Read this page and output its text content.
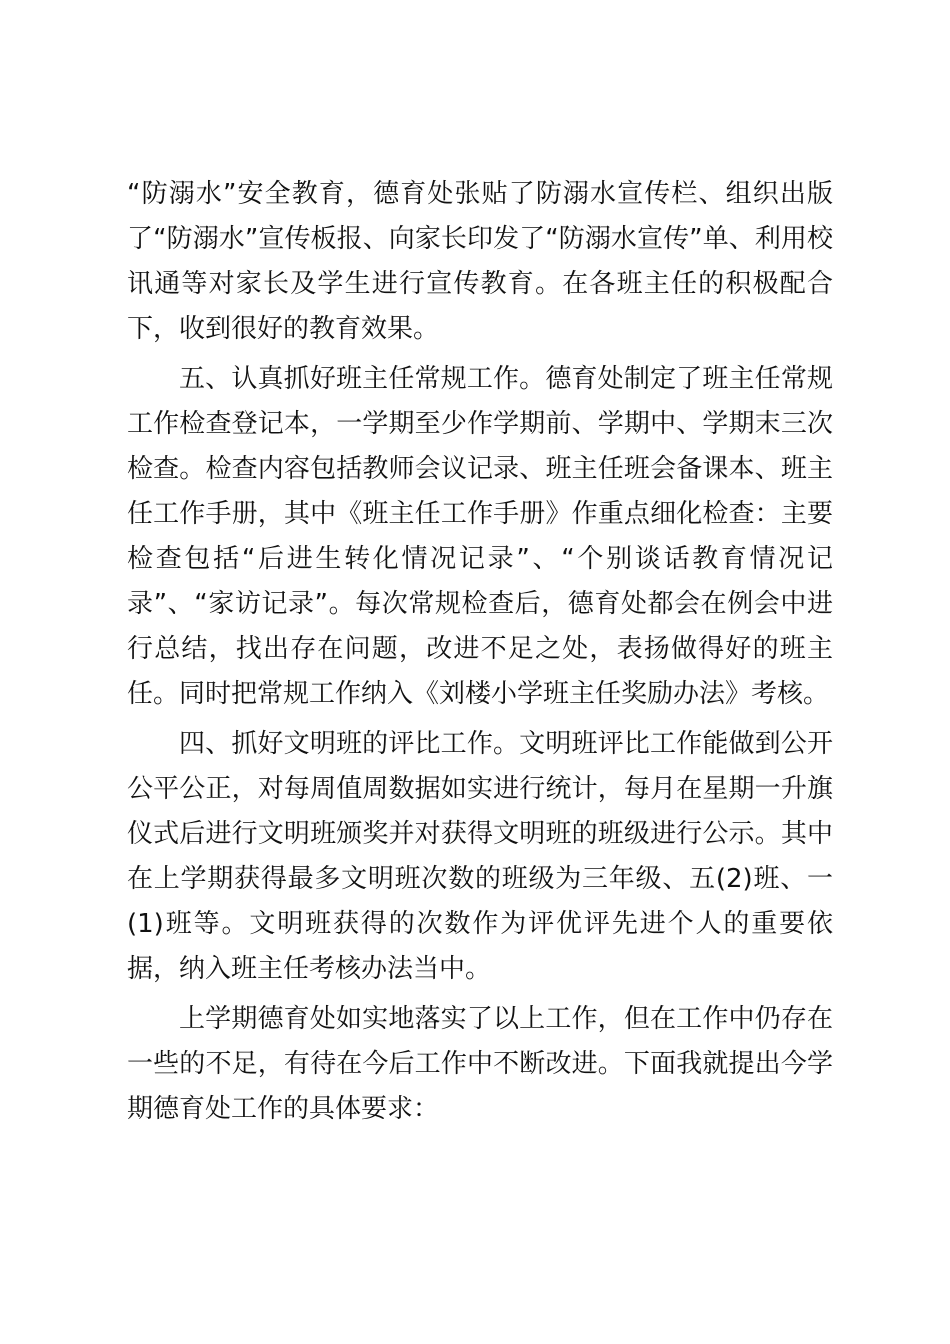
“防溺水”安全教育，德育处张贴了防溺水宣传栏、组织出版了“防溺水”宣传板报、向家长印发了“防溺水宣传”单、利用校讯通等对家长及学生进行宣传教育。在各班主任的积极配合下，收到很好的教育效果。

五、认真抓好班主任常规工作。德育处制定了班主任常规工作检查登记本，一学期至少作学期前、学期中、学期末三次检查。检查内容包括教师会议记录、班主任班会备课本、班主任工作手册，其中《班主任工作手册》作重点细化检查：主要检查包括“后进生转化情况记录”、“个别谈话教育情况记录”、“家访记录”。每次常规检查后，德育处都会在例会中进行总结，找出存在问题，改进不足之处，表扬做得好的班主任。同时把常规工作纳入《刘楼小学班主任奖励办法》考核。

四、抓好文明班的评比工作。文明班评比工作能做到公开公平公正，对每周值周数据如实进行统计，每月在星期一升旗仪式后进行文明班颁奖并对获得文明班的班级进行公示。其中在上学期获得最多文明班次数的班级为三年级、五(2)班、一(1)班等。文明班获得的次数作为评优评先进个人的重要依据，纳入班主任考核办法当中。

上学期德育处如实地落实了以上工作，但在工作中仍存在一些的不足，有待在今后工作中不断改进。下面我就提出今学期德育处工作的具体要求：
